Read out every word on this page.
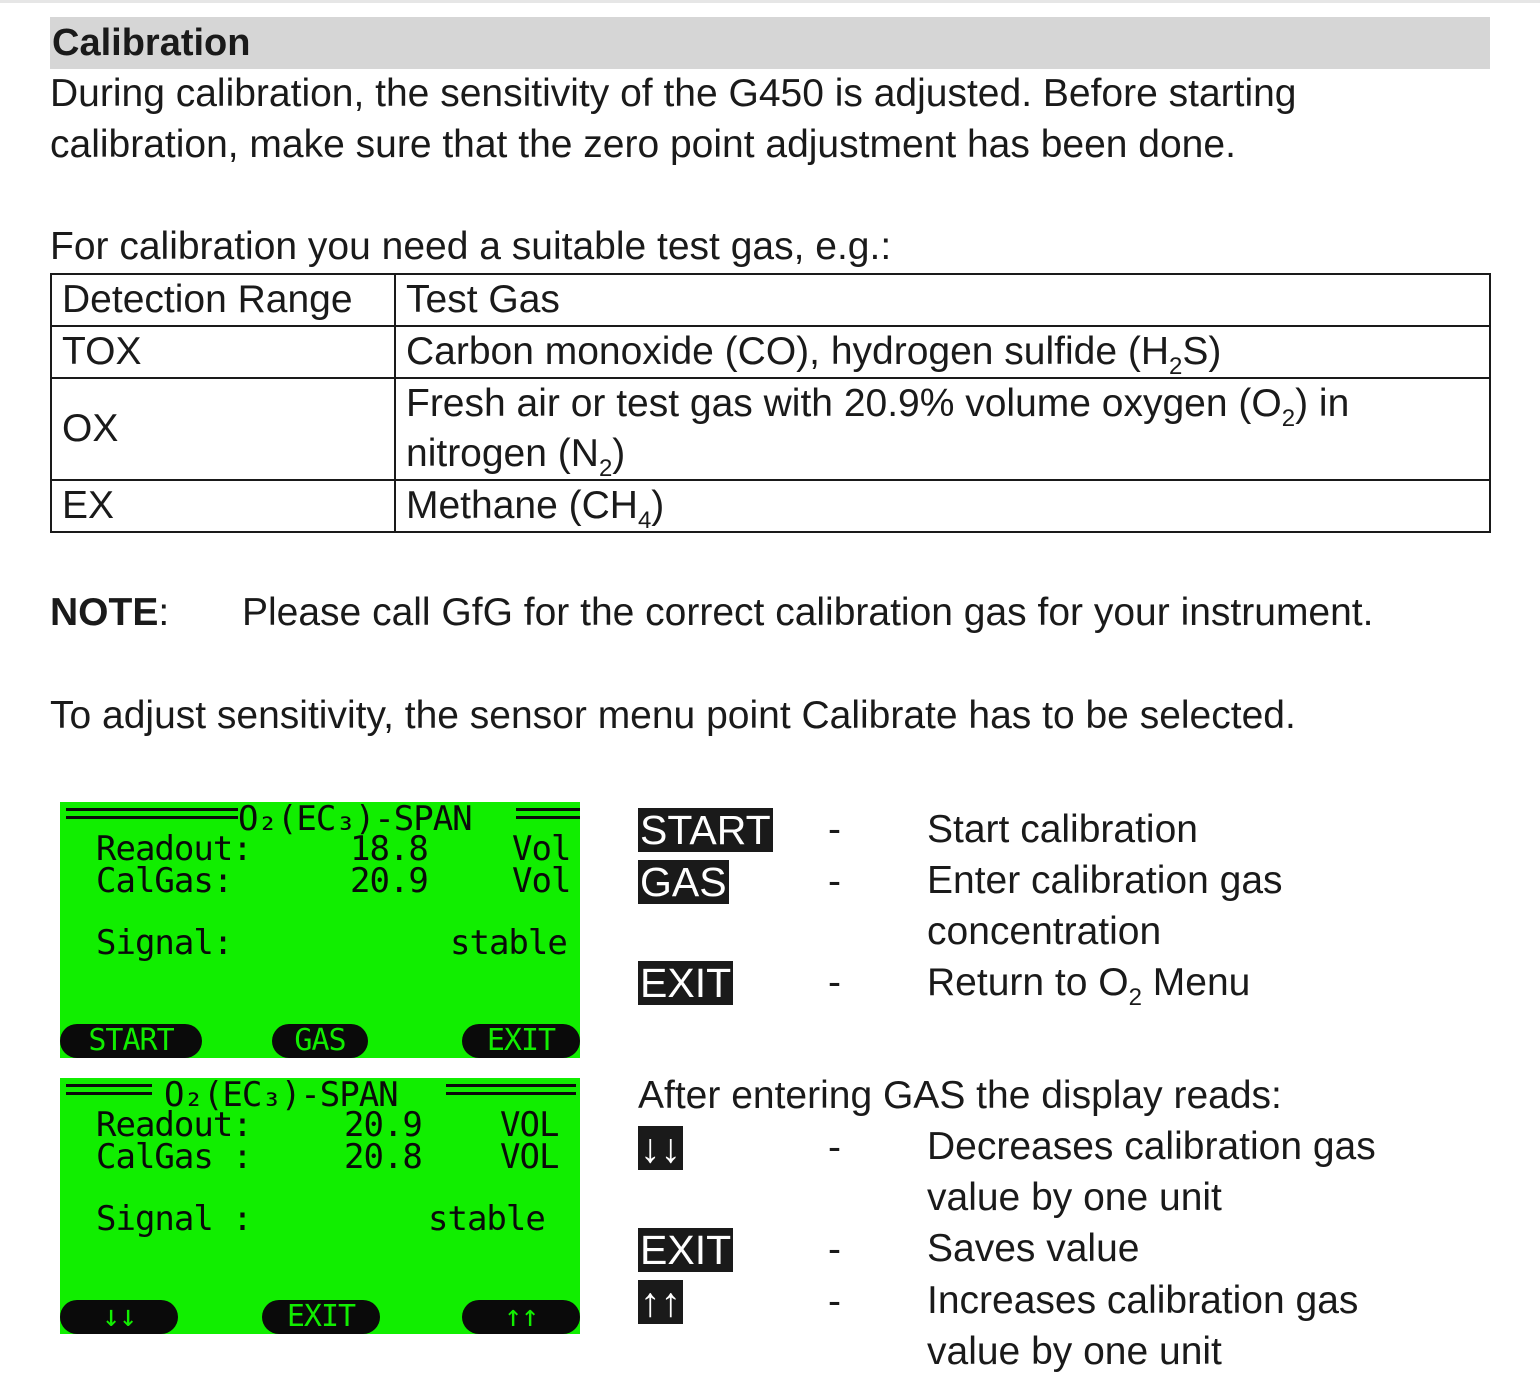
Calibration
During calibration, the sensitivity of the G450 is adjusted. Before starting
calibration, make sure that the zero point adjustment has been done.
For calibration you need a suitable test gas, e.g.:
Detection Range	Test Gas
TOX	Carbon monoxide (CO), hydrogen sulfide $(H_2S)$
OX	Fresh air or test gas with 20.9% volume oxygen $(O_2)$ in
nitrogen $(N_2)$
EX	Methane $(CH_4)$
NOTE: Please call GfG for the correct calibration gas for your instrument.
To adjust sensitivity, the sensor menu point Calibrate has to be selected.
O₂(EC₃)-SPAN
Readout:	18.8 Vol
CalGas:	20.9 Vol
Signal:	stable
START	GAS	EXIT
O₂(EC₃)-SPAN
Readout:	20.9 VOL
CalGas :	20.8 VOL
Signal :	stable
↓↓	EXIT	↑↑
START - Start calibration
GAS	- Enter calibration gas
concentration
EXIT - Return to $O_2$ Menu
After entering GAS the display reads:
↓↓	- Decreases calibration gas
value by one unit
EXIT - Saves value
↑↑	- Increases calibration gas
value by one unit
